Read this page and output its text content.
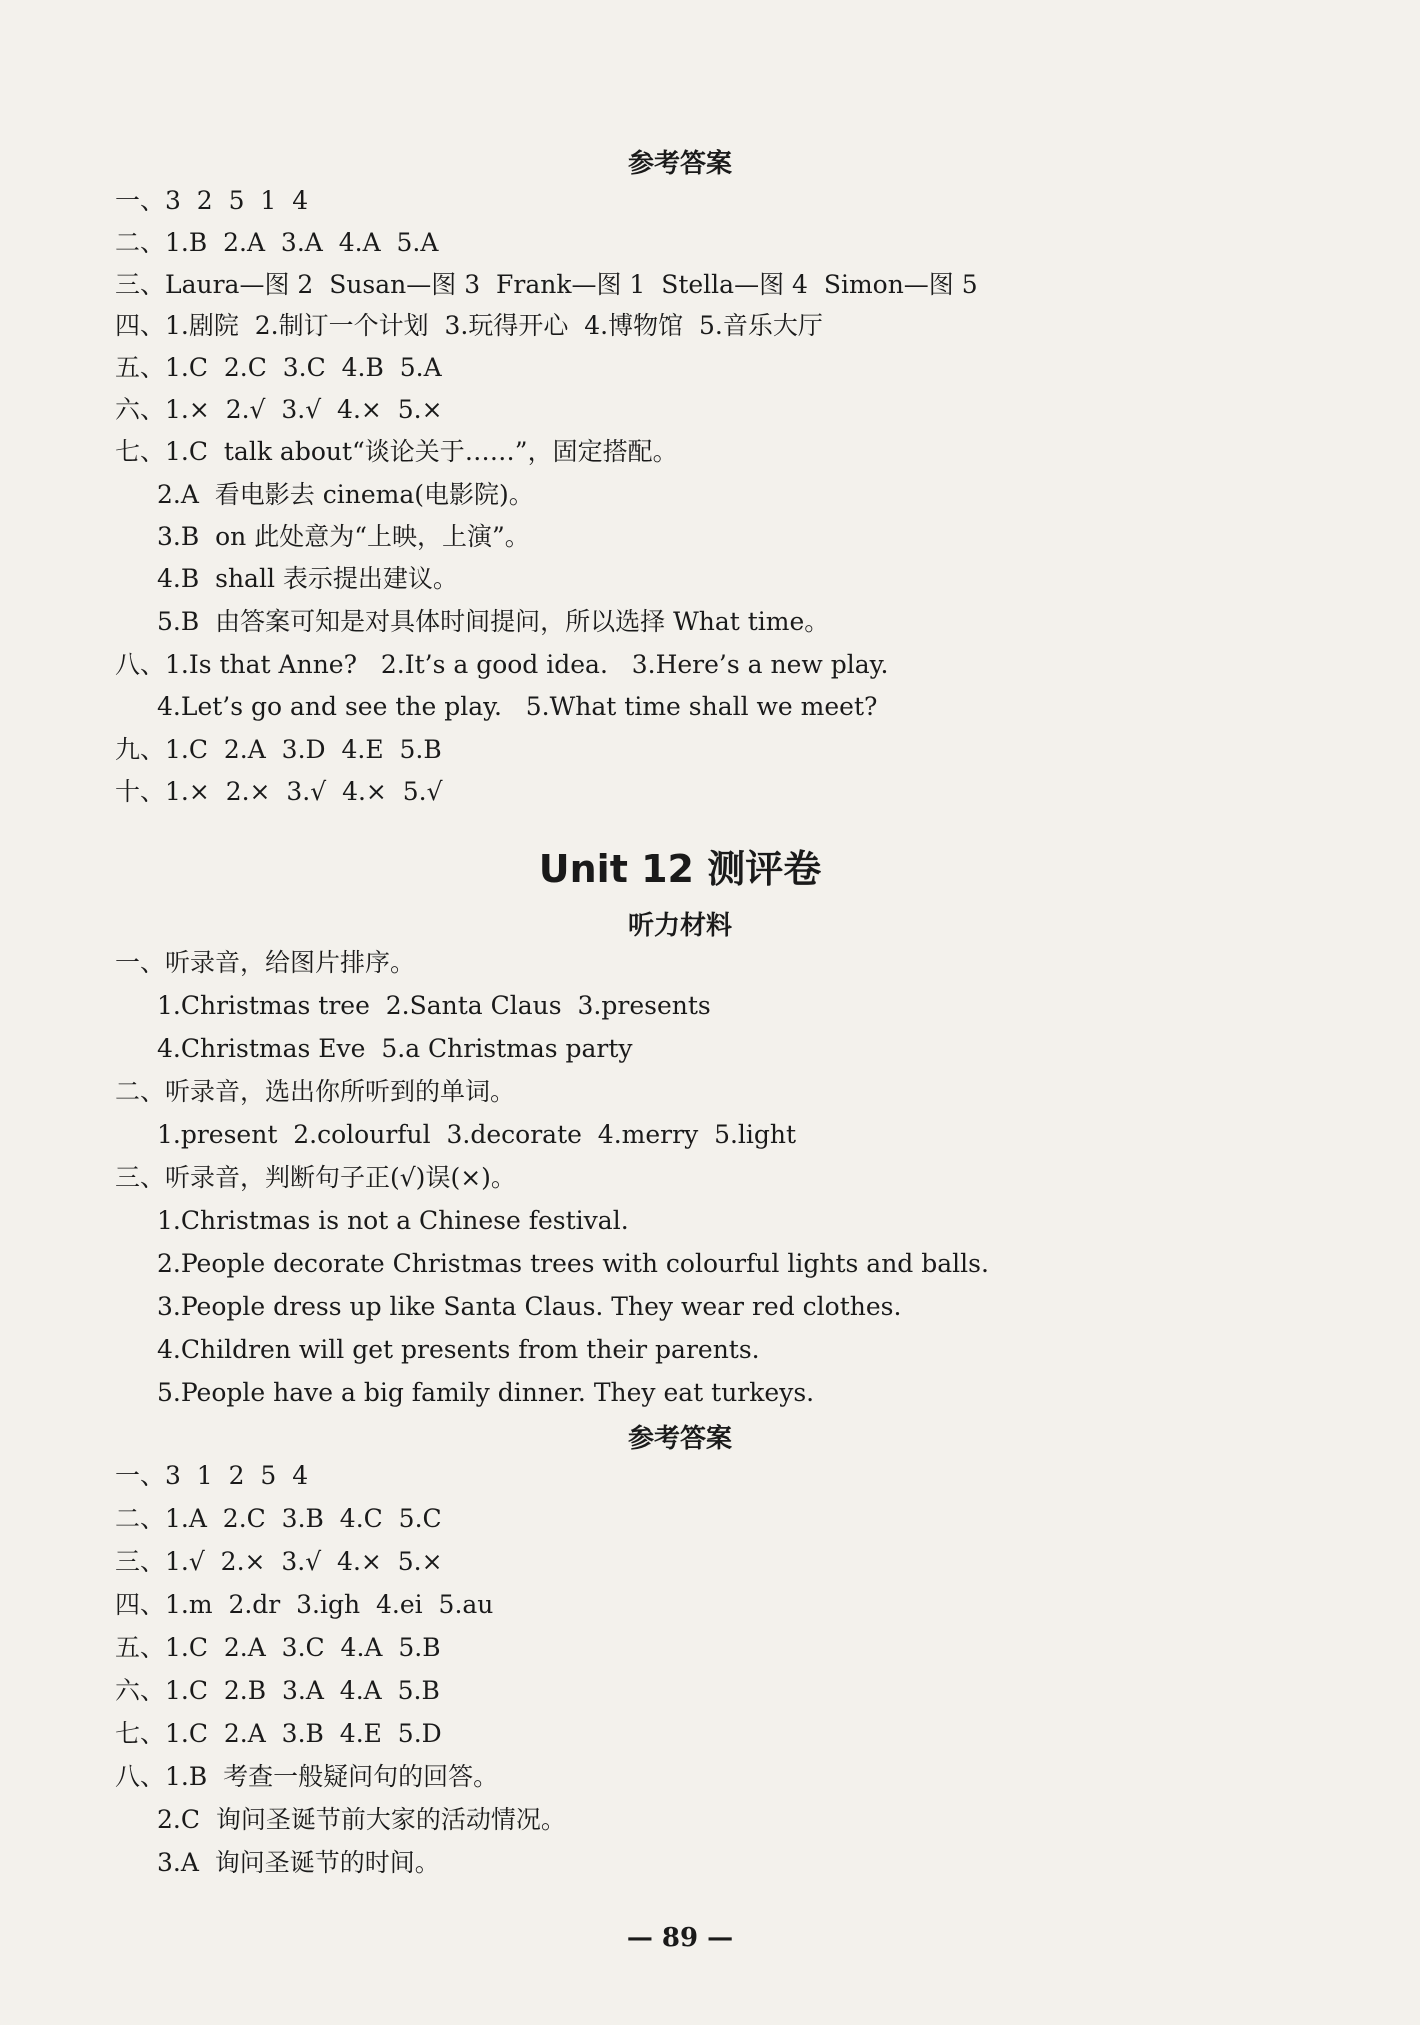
参考答案
一、3  2  5  1  4
二、1.B  2.A  3.A  4.A  5.A
三、Laura—图 2  Susan—图 3  Frank—图 1  Stella—图 4  Simon—图 5
四、1.剧院  2.制订一个计划  3.玩得开心  4.博物馆  5.音乐大厅
五、1.C  2.C  3.C  4.B  5.A
六、1.×  2.√  3.√  4.×  5.×
七、1.C  talk about“谈论关于……”，固定搭配。
2.A  看电影去 cinema(电影院)。
3.B  on 此处意为“上映，上演”。
4.B  shall 表示提出建议。
5.B  由答案可知是对具体时间提问，所以选择 What time。
八、1.Is that Anne?   2.It’s a good idea.   3.Here’s a new play.
4.Let’s go and see the play.   5.What time shall we meet?
九、1.C  2.A  3.D  4.E  5.B
十、1.×  2.×  3.√  4.×  5.√
Unit 12 测评卷
听力材料
一、听录音，给图片排序。
1.Christmas tree  2.Santa Claus  3.presents
4.Christmas Eve  5.a Christmas party
二、听录音，选出你所听到的单词。
1.present  2.colourful  3.decorate  4.merry  5.light
三、听录音，判断句子正(√)误(×)。
1.Christmas is not a Chinese festival.
2.People decorate Christmas trees with colourful lights and balls.
3.People dress up like Santa Claus. They wear red clothes.
4.Children will get presents from their parents.
5.People have a big family dinner. They eat turkeys.
参考答案
一、3  1  2  5  4
二、1.A  2.C  3.B  4.C  5.C
三、1.√  2.×  3.√  4.×  5.×
四、1.m  2.dr  3.igh  4.ei  5.au
五、1.C  2.A  3.C  4.A  5.B
六、1.C  2.B  3.A  4.A  5.B
七、1.C  2.A  3.B  4.E  5.D
八、1.B  考查一般疑问句的回答。
2.C  询问圣诞节前大家的活动情况。
3.A  询问圣诞节的时间。
— 89 —
